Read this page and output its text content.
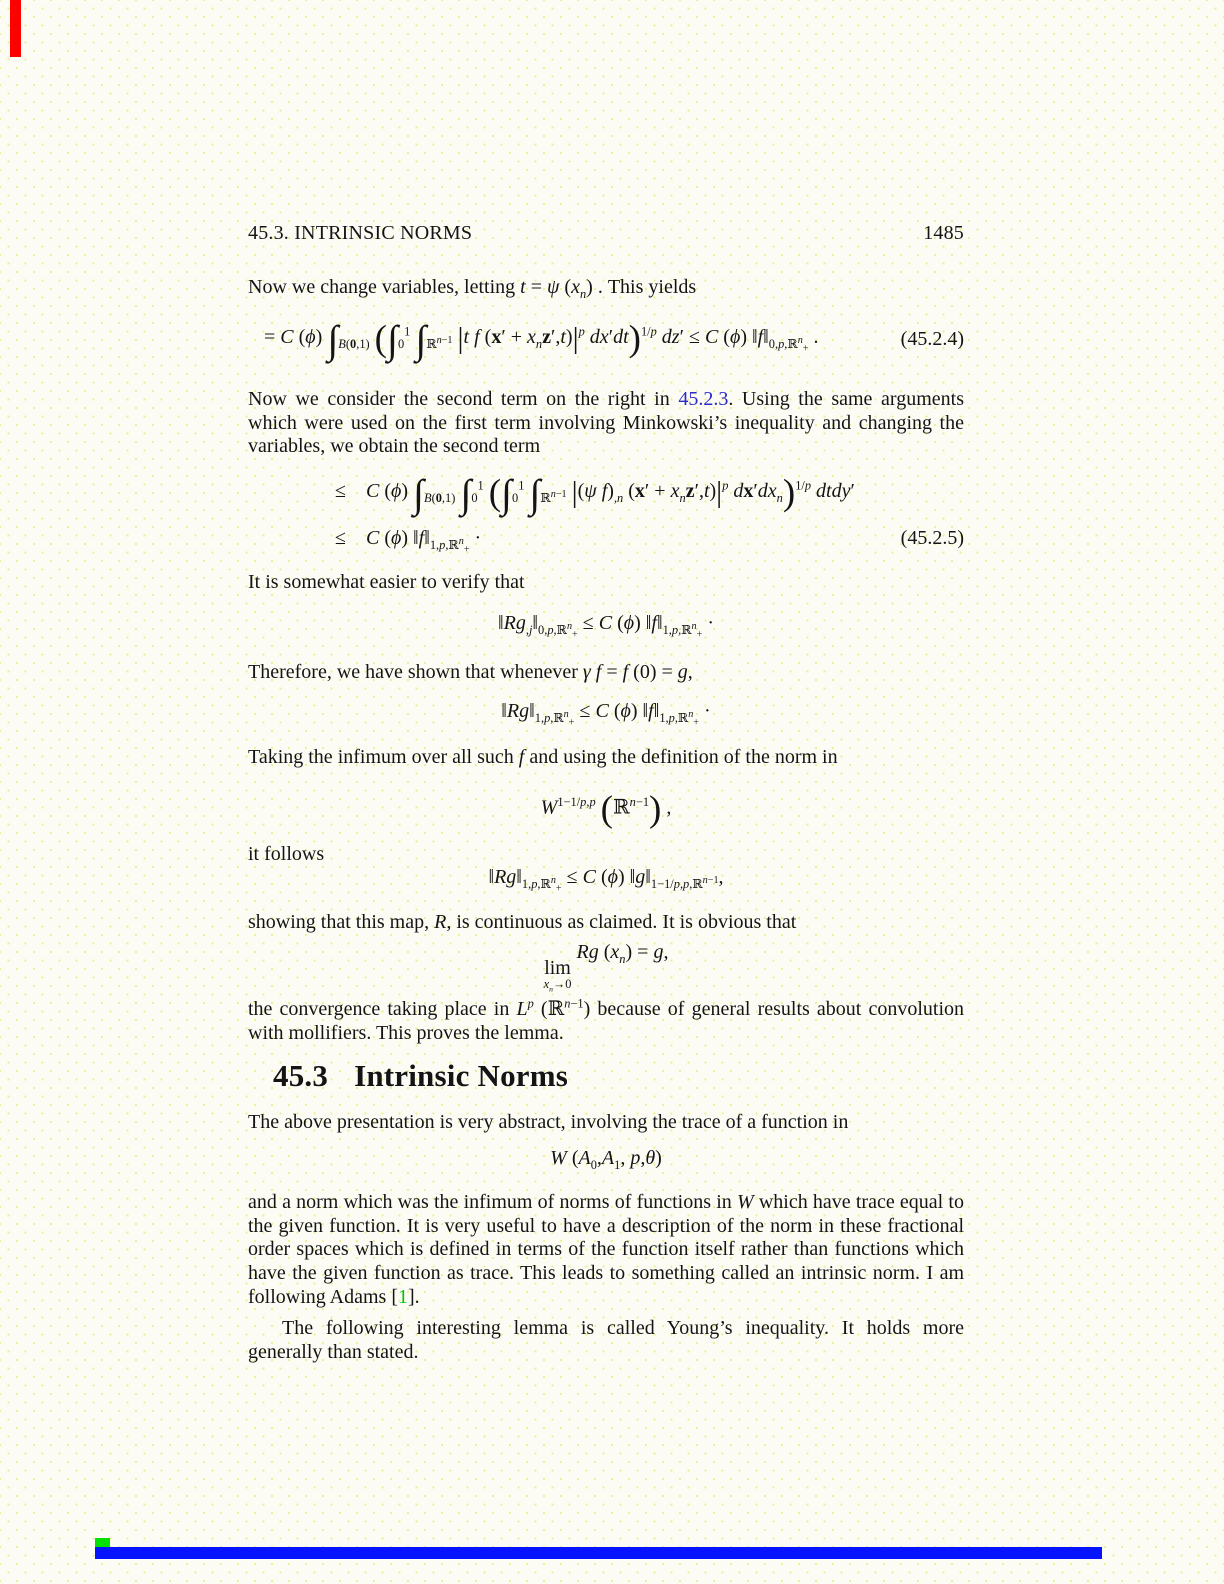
45.3. INTRINSIC NORMS	1485

Now we change variables, letting t = ψ $(x_n)$ . This yields

= C (ϕ) $\int_{B(0,1)}$ ($\int_0^1$ $\int_{ℝ^{n-1}}$ |t f $(x' + x_nz',t)|^p$ dx′dt)$^{1/p}$ dz′ ≤ C (ϕ) $‖f‖_{0,p,ℝ^n_+}$ .	(45.2.4)

Now we consider the second term on the right in 45.2.3. Using the same arguments which were used on the first term involving Minkowski’s inequality and changing the variables, we obtain the second term

≤ C (ϕ) $\int_{B(0,1)}$ $\int_0^1$ ($\int_0^1$ $\int_{ℝ^{n-1}}$ |(ψ $f)_{,n}$ $(x' + x_nz',t)|^p$ $dx'dx_n)^{1/p}$ dtdy′
≤ C (ϕ) $‖f‖_{1,p,ℝ^n_+}$ ·	(45.2.5)

It is somewhat easier to verify that

$‖Rg_{,j}‖_{0,p,ℝ^n_+} \le C$ (ϕ) $‖f‖_{1,p,ℝ^n_+}$ ·

Therefore, we have shown that whenever γ f = f (0) = g,

$‖Rg‖_{1,p,ℝ^n_+} \le C$ (ϕ) $‖f‖_{1,p,ℝ^n_+}$ ·

Taking the infimum over all such f and using the definition of the norm in

$W^{1-1/p,p}$ (ℝ$^{n-1}$) ,

it follows

$‖Rg‖_{1,p,ℝ^n_+} \le C$ (ϕ) $‖g‖_{1-1/p,p,ℝ^{n-1}}$,

showing that this map, R, is continuous as claimed. It is obvious that

lim
$x_n\to 0$
Rg $(x_n) = g$,

the convergence taking place in $L^p$ (ℝ$^{n-1}$) because of general results about convolution with mollifiers. This proves the lemma.

45.3 Intrinsic Norms

The above presentation is very abstract, involving the trace of a function in

W ($A_0,A_1$, p,θ)

and a norm which was the infimum of norms of functions in W which have trace equal to the given function. It is very useful to have a description of the norm in these fractional order spaces which is defined in terms of the function itself rather than functions which have the given function as trace. This leads to something called an intrinsic norm. I am following Adams [1].

The following interesting lemma is called Young’s inequality. It holds more generally than stated.
